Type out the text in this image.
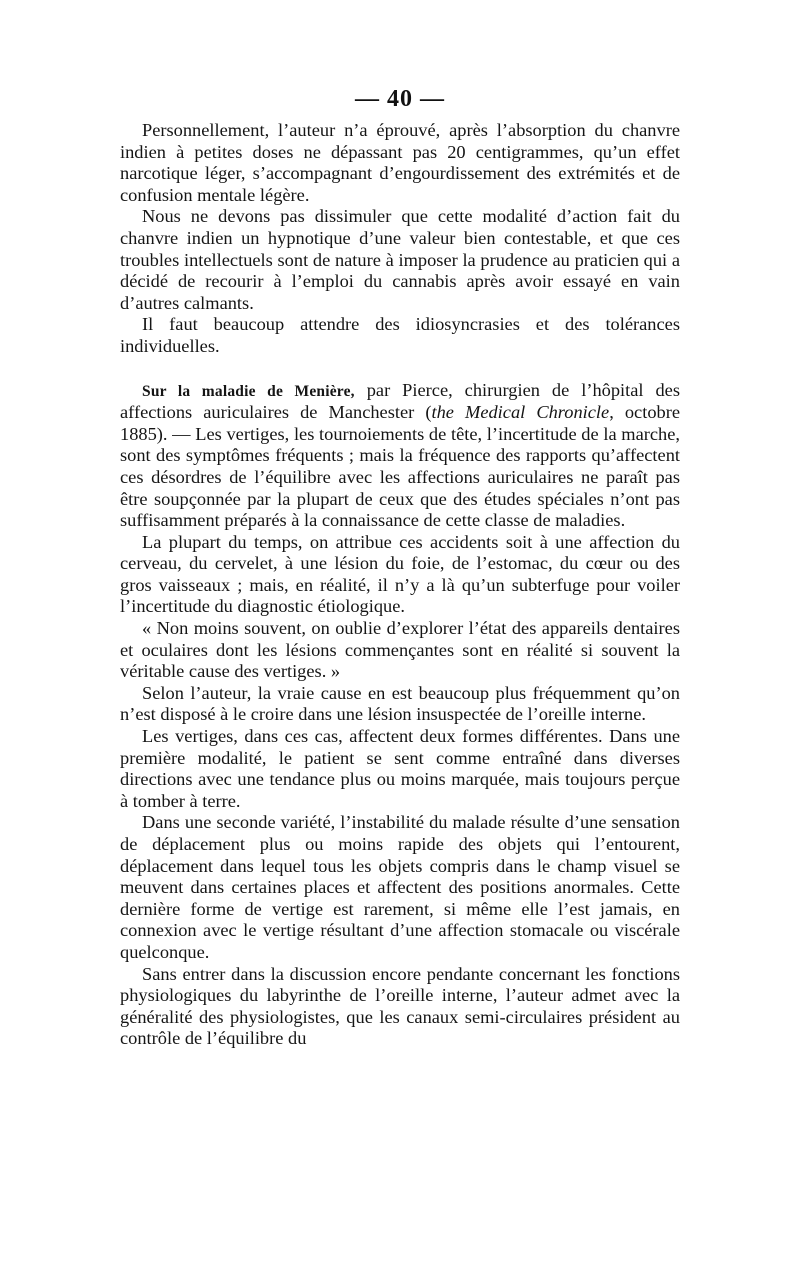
— 40 —

Personnellement, l’auteur n’a éprouvé, après l’absorption du chanvre indien à petites doses ne dépassant pas 20 centigrammes, qu’un effet narcotique léger, s’accompagnant d’engourdissement des extrémités et de confusion mentale légère.

Nous ne devons pas dissimuler que cette modalité d’action fait du chanvre indien un hypnotique d’une valeur bien contestable, et que ces troubles intellectuels sont de nature à imposer la prudence au praticien qui a décidé de recourir à l’emploi du cannabis après avoir essayé en vain d’autres calmants.

Il faut beaucoup attendre des idiosyncrasies et des tolérances individuelles.

Sur la maladie de Menière, par Pierce, chirurgien de l’hôpital des affections auriculaires de Manchester (the Medical Chronicle, octobre 1885). — Les vertiges, les tournoiements de tête, l’incertitude de la marche, sont des symptômes fréquents ; mais la fréquence des rapports qu’affectent ces désordres de l’équilibre avec les affections auriculaires ne paraît pas être soupçonnée par la plupart de ceux que des études spéciales n’ont pas suffisamment préparés à la connaissance de cette classe de maladies.

La plupart du temps, on attribue ces accidents soit à une affection du cerveau, du cervelet, à une lésion du foie, de l’estomac, du cœur ou des gros vaisseaux ; mais, en réalité, il n’y a là qu’un subterfuge pour voiler l’incertitude du diagnostic étiologique.

« Non moins souvent, on oublie d’explorer l’état des appareils dentaires et oculaires dont les lésions commençantes sont en réalité si souvent la véritable cause des vertiges. »

Selon l’auteur, la vraie cause en est beaucoup plus fréquemment qu’on n’est disposé à le croire dans une lésion insuspectée de l’oreille interne.

Les vertiges, dans ces cas, affectent deux formes différentes. Dans une première modalité, le patient se sent comme entraîné dans diverses directions avec une tendance plus ou moins marquée, mais toujours perçue à tomber à terre.

Dans une seconde variété, l’instabilité du malade résulte d’une sensation de déplacement plus ou moins rapide des objets qui l’entourent, déplacement dans lequel tous les objets compris dans le champ visuel se meuvent dans certaines places et affectent des positions anormales. Cette dernière forme de vertige est rarement, si même elle l’est jamais, en connexion avec le vertige résultant d’une affection stomacale ou viscérale quelconque.

Sans entrer dans la discussion encore pendante concernant les fonctions physiologiques du labyrinthe de l’oreille interne, l’auteur admet avec la généralité des physiologistes, que les canaux semi-circulaires président au contrôle de l’équilibre du
